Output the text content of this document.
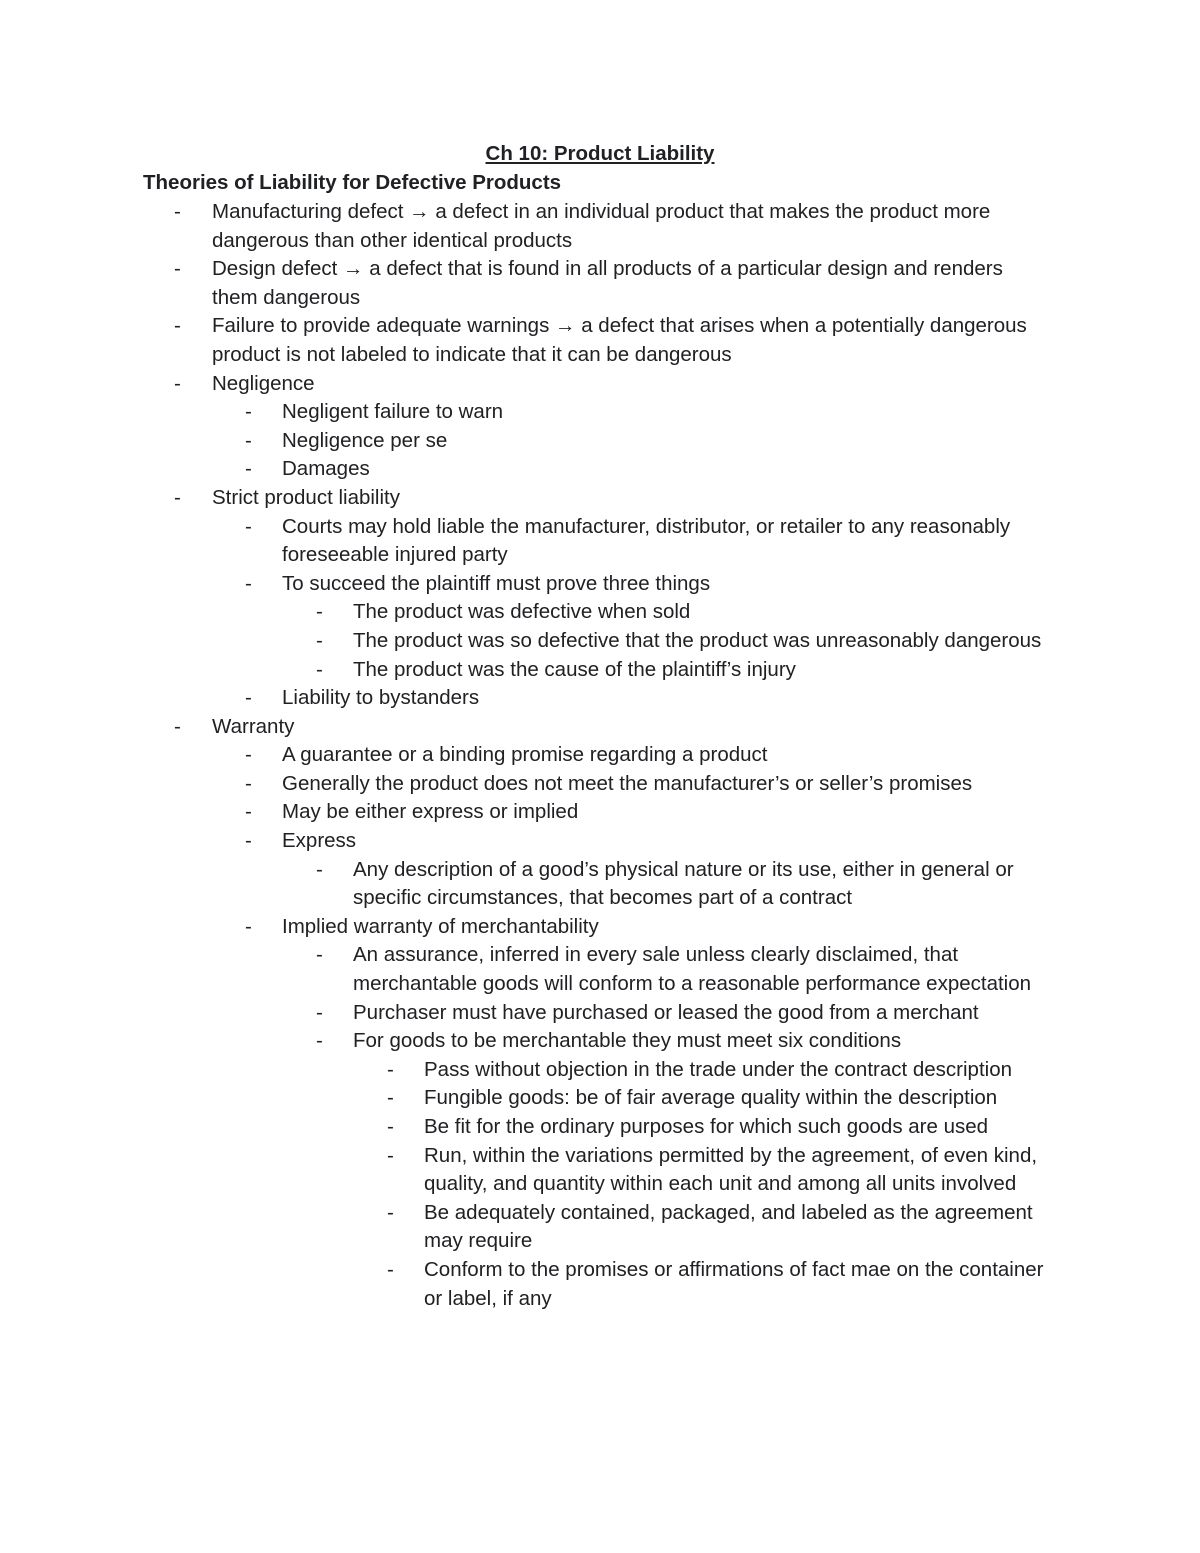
Ch 10: Product Liability
Theories of Liability for Defective Products
- Manufacturing defect → a defect in an individual product that makes the product more dangerous than other identical products
- Design defect → a defect that is found in all products of a particular design and renders them dangerous
- Failure to provide adequate warnings → a defect that arises when a potentially dangerous product is not labeled to indicate that it can be dangerous
- Negligence
- Negligent failure to warn
- Negligence per se
- Damages
- Strict product liability
- Courts may hold liable the manufacturer, distributor, or retailer to any reasonably foreseeable injured party
- To succeed the plaintiff must prove three things
- The product was defective when sold
- The product was so defective that the product was unreasonably dangerous
- The product was the cause of the plaintiff’s injury
- Liability to bystanders
- Warranty
- A guarantee or a binding promise regarding a product
- Generally the product does not meet the manufacturer’s or seller’s promises
- May be either express or implied
- Express
- Any description of a good’s physical nature or its use, either in general or specific circumstances, that becomes part of a contract
- Implied warranty of merchantability
- An assurance, inferred in every sale unless clearly disclaimed, that merchantable goods will conform to a reasonable performance expectation
- Purchaser must have purchased or leased the good from a merchant
- For goods to be merchantable they must meet six conditions
- Pass without objection in the trade under the contract description
- Fungible goods: be of fair average quality within the description
- Be fit for the ordinary purposes for which such goods are used
- Run, within the variations permitted by the agreement, of even kind, quality, and quantity within each unit and among all units involved
- Be adequately contained, packaged, and labeled as the agreement may require
- Conform to the promises or affirmations of fact mae on the container or label, if any
